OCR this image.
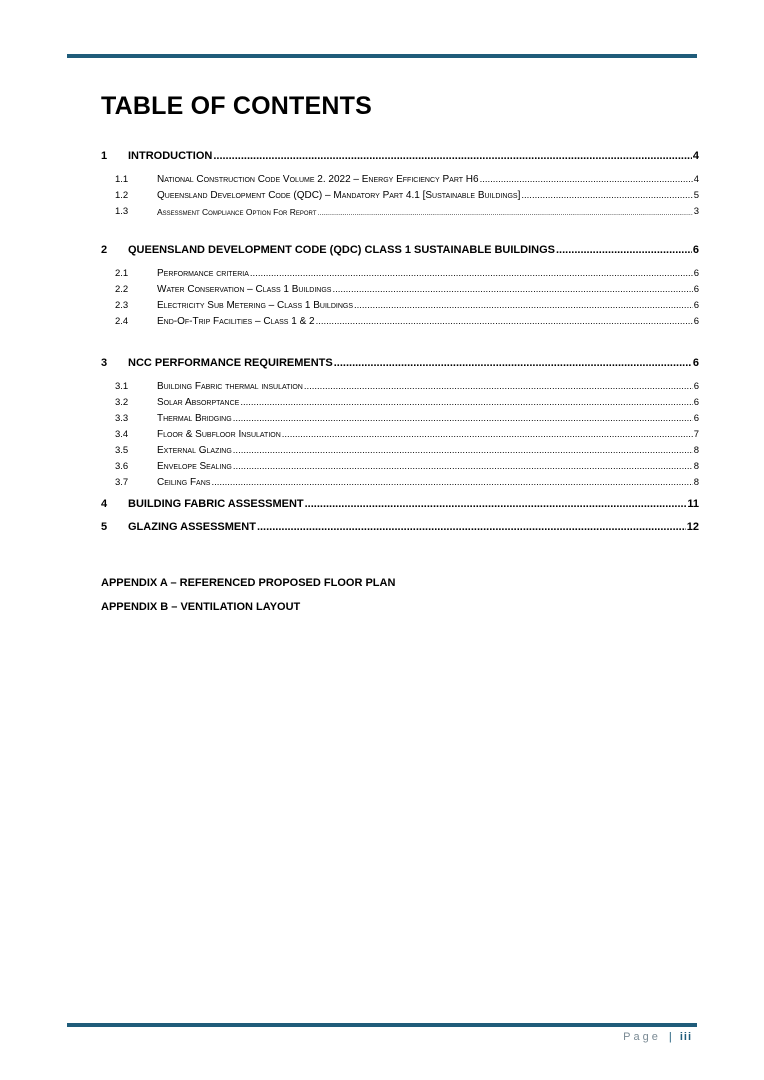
TABLE OF CONTENTS
1	INTRODUCTION .....	4
1.1	National Construction Code Volume 2. 2022 – Energy Efficiency Part H6 .....	4
1.2	Queensland Development Code (QDC) – Mandatory Part 4.1 [Sustainable Buildings] .....	5
1.3	Assessment Compliance Option For Report .....	3
2	QUEENSLAND DEVELOPMENT CODE (QDC) CLASS 1 SUSTAINABLE BUILDINGS .....	6
2.1	Performance criteria .....	6
2.2	Water Conservation – Class 1 Buildings .....	6
2.3	Electricity Sub Metering – Class 1 Buildings .....	6
2.4	End-Of-Trip Facilities – Class 1 & 2 .....	6
3	NCC PERFORMANCE REQUIREMENTS .....	6
3.1	Building Fabric thermal insulation .....	6
3.2	Solar Absorptance .....	6
3.3	Thermal Bridging .....	6
3.4	Floor & Subfloor Insulation .....	7
3.5	External Glazing .....	8
3.6	Envelope Sealing .....	8
3.7	Ceiling Fans .....	8
4	BUILDING FABRIC ASSESSMENT .....	11
5	GLAZING ASSESSMENT .....	12
APPENDIX A – REFERENCED PROPOSED FLOOR PLAN
APPENDIX B – VENTILATION LAYOUT
Page | iii
